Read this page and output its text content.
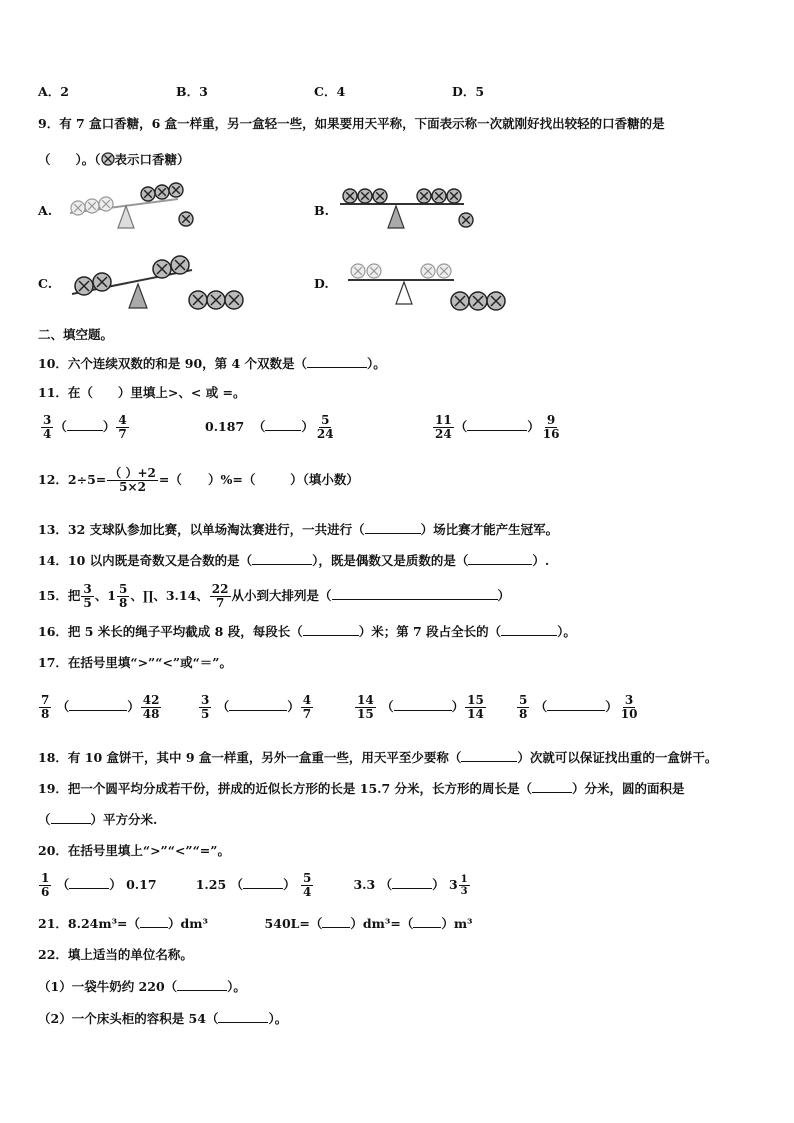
A．2	B．3	C．4	D．5
9．有 7 盒口香糖，6 盒一样重，另一盒轻一些，如果要用天平称，下面表示称一次就刚好找出较轻的口香糖的是
（　　）。（ 表示口香糖）
A.	B.
C.	D.
二、填空题。
10．六个连续双数的和是 90，第 4 个双数是（	）。
11．在（　　）里填上>、< 或 =。
$\frac{3}{4}$ （	） $\frac{4}{7}$	0.187 （	） $\frac{5}{24}$	$\frac{11}{24}$ （	） $\frac{9}{16}$
12．$2\div 5= \frac{( )+2}{5\times 2}$ =（ ）%=（	）（填小数）
13．32 支球队参加比赛，以单场淘汰赛进行，一共进行（	）场比赛才能产生冠军。
14．10 以内既是奇数又是合数的是（	），既是偶数又是质数的是（	）.
15．把 $\frac{3}{5}$ 、$1 \frac{5}{8}$ 、∏、3.14、 $\frac{22}{7}$ 从小到大排列是（	）
16．把 5 米长的绳子平均截成 8 段，每段长（	）米；第 7 段占全长的（	）。
17．在括号里填“>”“<”或“＝”。
$\frac{7}{8}$ （	） $\frac{42}{48}$	$\frac{3}{5}$ （	） $\frac{4}{7}$	$\frac{14}{15}$ （	） $\frac{15}{14}$	$\frac{5}{8}$ （	） $\frac{3}{10}$
18．有 10 盒饼干，其中 9 盒一样重，另外一盒重一些，用天平至少要称（	）次就可以保证找出重的一盒饼干。
19．把一个圆平均分成若干份，拼成的近似长方形的长是 15.7 分米，长方形的周长是（	）分米，圆的面积是
（	）平方分米.
20．在括号里填上“>”“<”“=”。
$\frac{1}{6}$ （	） 0.17	1.25 （	） $\frac{5}{4}$	3.3 （	） $3 \frac{1}{3}$
21．8.24m³=（ ）dm³	540L=（ ）dm³=（ ）m³
22．填上适当的单位名称。
（1）一袋牛奶约 220（	）。
（2）一个床头柜的容积是 54（	）。
